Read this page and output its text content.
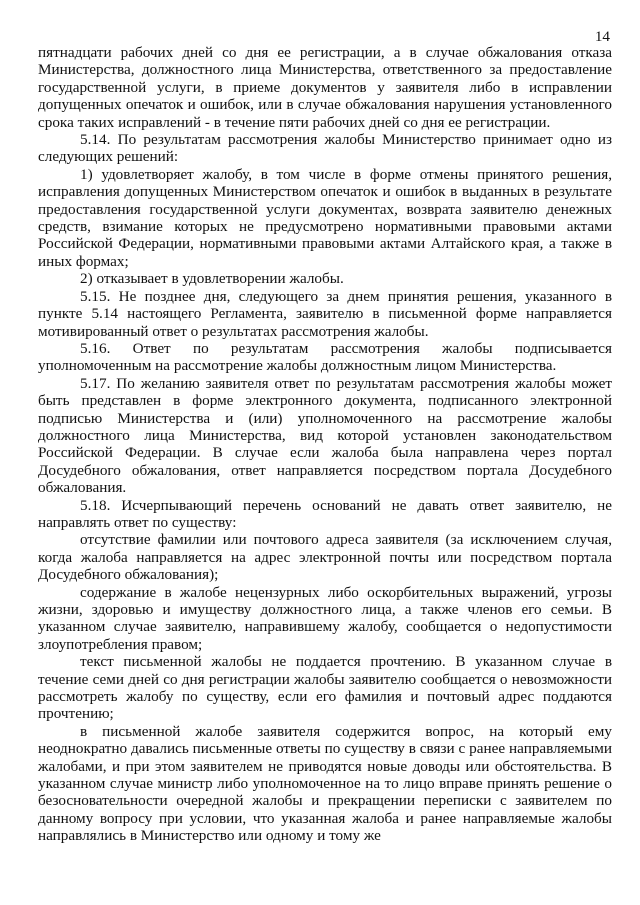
14

пятнадцати рабочих дней со дня ее регистрации, а в случае обжалования отказа Министерства, должностного лица Министерства, ответственного за предоставление государственной услуги, в приеме документов у заявителя либо в исправлении допущенных опечаток и ошибок, или в случае обжалования нарушения установленного срока таких исправлений - в течение пяти рабочих дней со дня ее регистрации.

5.14. По результатам рассмотрения жалобы Министерство принимает одно из следующих решений:

1) удовлетворяет жалобу, в том числе в форме отмены принятого решения, исправления допущенных Министерством опечаток и ошибок в выданных в результате предоставления государственной услуги документах, возврата заявителю денежных средств, взимание которых не предусмотрено нормативными правовыми актами Российской Федерации, нормативными правовыми актами Алтайского края, а также в иных формах;

2) отказывает в удовлетворении жалобы.

5.15. Не позднее дня, следующего за днем принятия решения, указанного в пункте 5.14 настоящего Регламента, заявителю в письменной форме направляется мотивированный ответ о результатах рассмотрения жалобы.

5.16. Ответ по результатам рассмотрения жалобы подписывается уполномоченным на рассмотрение жалобы должностным лицом Министерства.

5.17. По желанию заявителя ответ по результатам рассмотрения жалобы может быть представлен в форме электронного документа, подписанного электронной подписью Министерства и (или) уполномоченного на рассмотрение жалобы должностного лица Министерства, вид которой установлен законодательством Российской Федерации. В случае если жалоба была направлена через портал Досудебного обжалования, ответ направляется посредством портала Досудебного обжалования.

5.18. Исчерпывающий перечень оснований не давать ответ заявителю, не направлять ответ по существу:

отсутствие фамилии или почтового адреса заявителя (за исключением случая, когда жалоба направляется на адрес электронной почты или посредством портала Досудебного обжалования);

содержание в жалобе нецензурных либо оскорбительных выражений, угрозы жизни, здоровью и имуществу должностного лица, а также членов его семьи. В указанном случае заявителю, направившему жалобу, сообщается о недопустимости злоупотребления правом;

текст письменной жалобы не поддается прочтению. В указанном случае в течение семи дней со дня регистрации жалобы заявителю сообщается о невозможности рассмотреть жалобу по существу, если его фамилия и почтовый адрес поддаются прочтению;

в письменной жалобе заявителя содержится вопрос, на который ему неоднократно давались письменные ответы по существу в связи с ранее направляемыми жалобами, и при этом заявителем не приводятся новые доводы или обстоятельства. В указанном случае министр либо уполномоченное на то лицо вправе принять решение о безосновательности очередной жалобы и прекращении переписки с заявителем по данному вопросу при условии, что указанная жалоба и ранее направляемые жалобы направлялись в Министерство или одному и тому же
